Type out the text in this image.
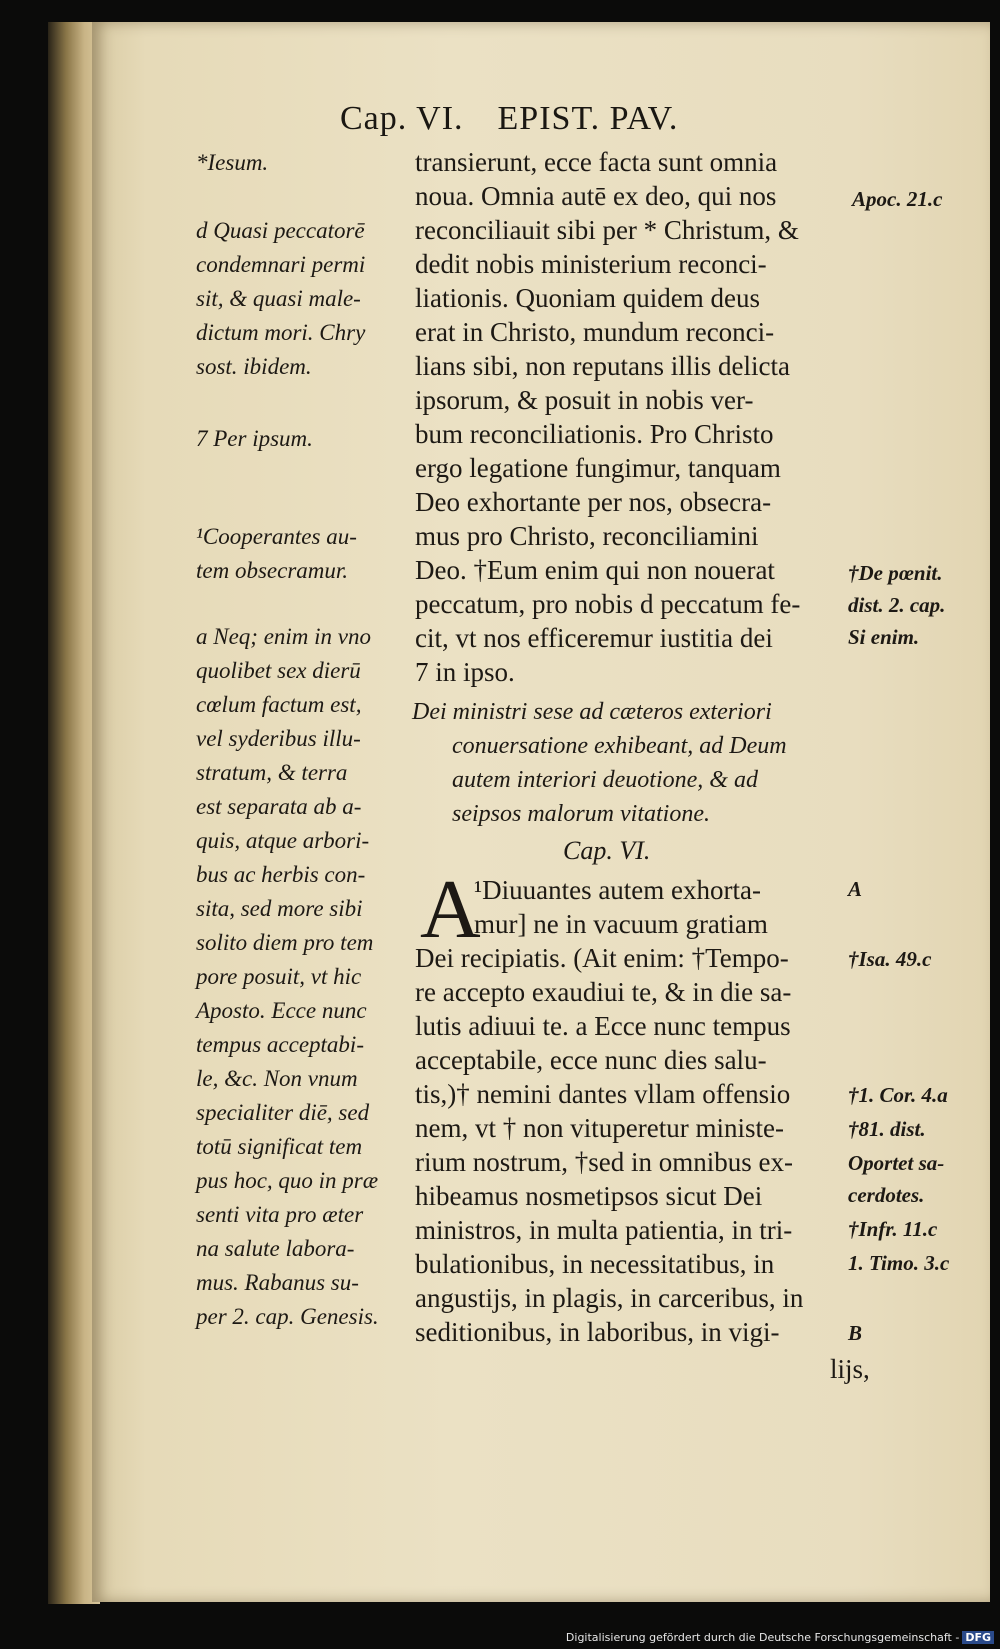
Cap. VI. EPIST. PAV.
transierunt, ecce facta sunt omnia
noua. Omnia autē ex deo, qui nos
reconciliauit sibi per * Christum, &
dedit nobis ministerium reconci-
liationis. Quoniam quidem deus
erat in Christo, mundum reconci-
lians sibi, non reputans illis delicta
ipsorum, & posuit in nobis ver-
bum reconciliationis. Pro Christo
ergo legatione fungimur, tanquam
Deo exhortante per nos, obsecra-
mus pro Christo, reconciliamini
Deo. †Eum enim qui non nouerat
peccatum, pro nobis d peccatum fe-
cit, vt nos efficeremur iustitia dei
7 in ipso.
Dei ministri sese ad cæteros exteriori
conuersatione exhibeant, ad Deum
autem interiori deuotione, & ad
seipsos malorum vitatione.
Cap. VI.
A
¹Diuuantes autem exhorta-
mur] ne in vacuum gratiam
Dei recipiatis. (Ait enim: †Tempo-
re accepto exaudiui te, & in die sa-
lutis adiuui te. a Ecce nunc tempus
acceptabile, ecce nunc dies salu-
tis,)† nemini dantes vllam offensio
nem, vt † non vituperetur ministe-
rium nostrum, †sed in omnibus ex-
hibeamus nosmetipsos sicut Dei
ministros, in multa patientia, in tri-
bulationibus, in necessitatibus, in
angustijs, in plagis, in carceribus, in
seditionibus, in laboribus, in vigi-
lijs,
*Iesum.
d Quasi peccatorē
condemnari permi
sit, & quasi male-
dictum mori. Chry
sost. ibidem.
7 Per ipsum.
¹Cooperantes au-
tem obsecramur.
a Neq; enim in vno
quolibet sex dierū
cœlum factum est,
vel syderibus illu-
stratum, & terra
est separata ab a-
quis, atque arbori-
bus ac herbis con-
sita, sed more sibi
solito diem pro tem
pore posuit, vt hic
Aposto. Ecce nunc
tempus acceptabi-
le, &c. Non vnum
specialiter diē, sed
totū significat tem
pus hoc, quo in præ
senti vita pro æter
na salute labora-
mus. Rabanus su-
per 2. cap. Genesis.
Apoc. 21.c
†De pœnit.
dist. 2. cap.
Si enim.
A
†Isa. 49.c
†1. Cor. 4.a
†81. dist.
Oportet sa-
cerdotes.
†Infr. 11.c
1. Timo. 3.c
B
Digitalisierung gefördert durch die Deutsche Forschungsgemeinschaft - DFG
